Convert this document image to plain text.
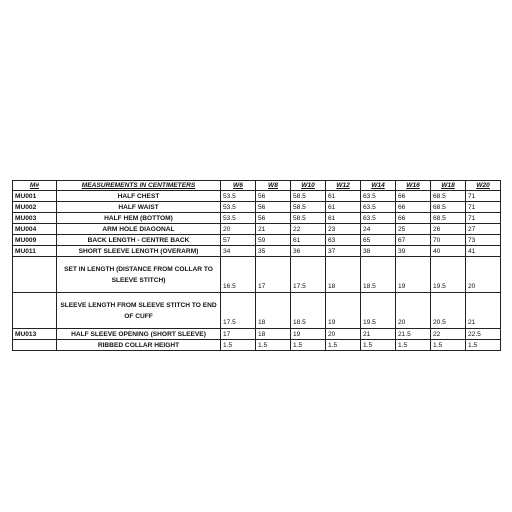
M#	MEASUREMENTS IN CENTIMETERS	W6	W8	W10	W12	W14	W16	W18	W20
MU001	HALF CHEST	53.5	56	58.5	61	63.5	66	68.5	71
MU002	HALF WAIST	53.5	56	58.5	61	63.5	66	68.5	71
MU003	HALF HEM (BOTTOM)	53.5	56	58.5	61	63.5	66	68.5	71
MU004	ARM HOLE DIAGONAL	20	21	22	23	24	25	26	27
MU009	BACK LENGTH - CENTRE BACK	57	59	61	63	65	67	70	73
MU011	SHORT SLEEVE LENGTH (OVERARM)	34	35	36	37	38	39	40	41
	SET IN LENGTH (DISTANCE FROM COLLAR TO SLEEVE STITCH)	16.5	17	17.5	18	18.5	19	19.5	20
	SLEEVE LENGTH FROM SLEEVE STITCH TO END OF CUFF	17.5	18	18.5	19	19.5	20	20.5	21
MU013	HALF SLEEVE OPENING (SHORT SLEEVE)	17	18	19	20	21	21.5	22	22.5
	RIBBED COLLAR HEIGHT	1.5	1.5	1.5	1.5	1.5	1.5	1.5	1.5
